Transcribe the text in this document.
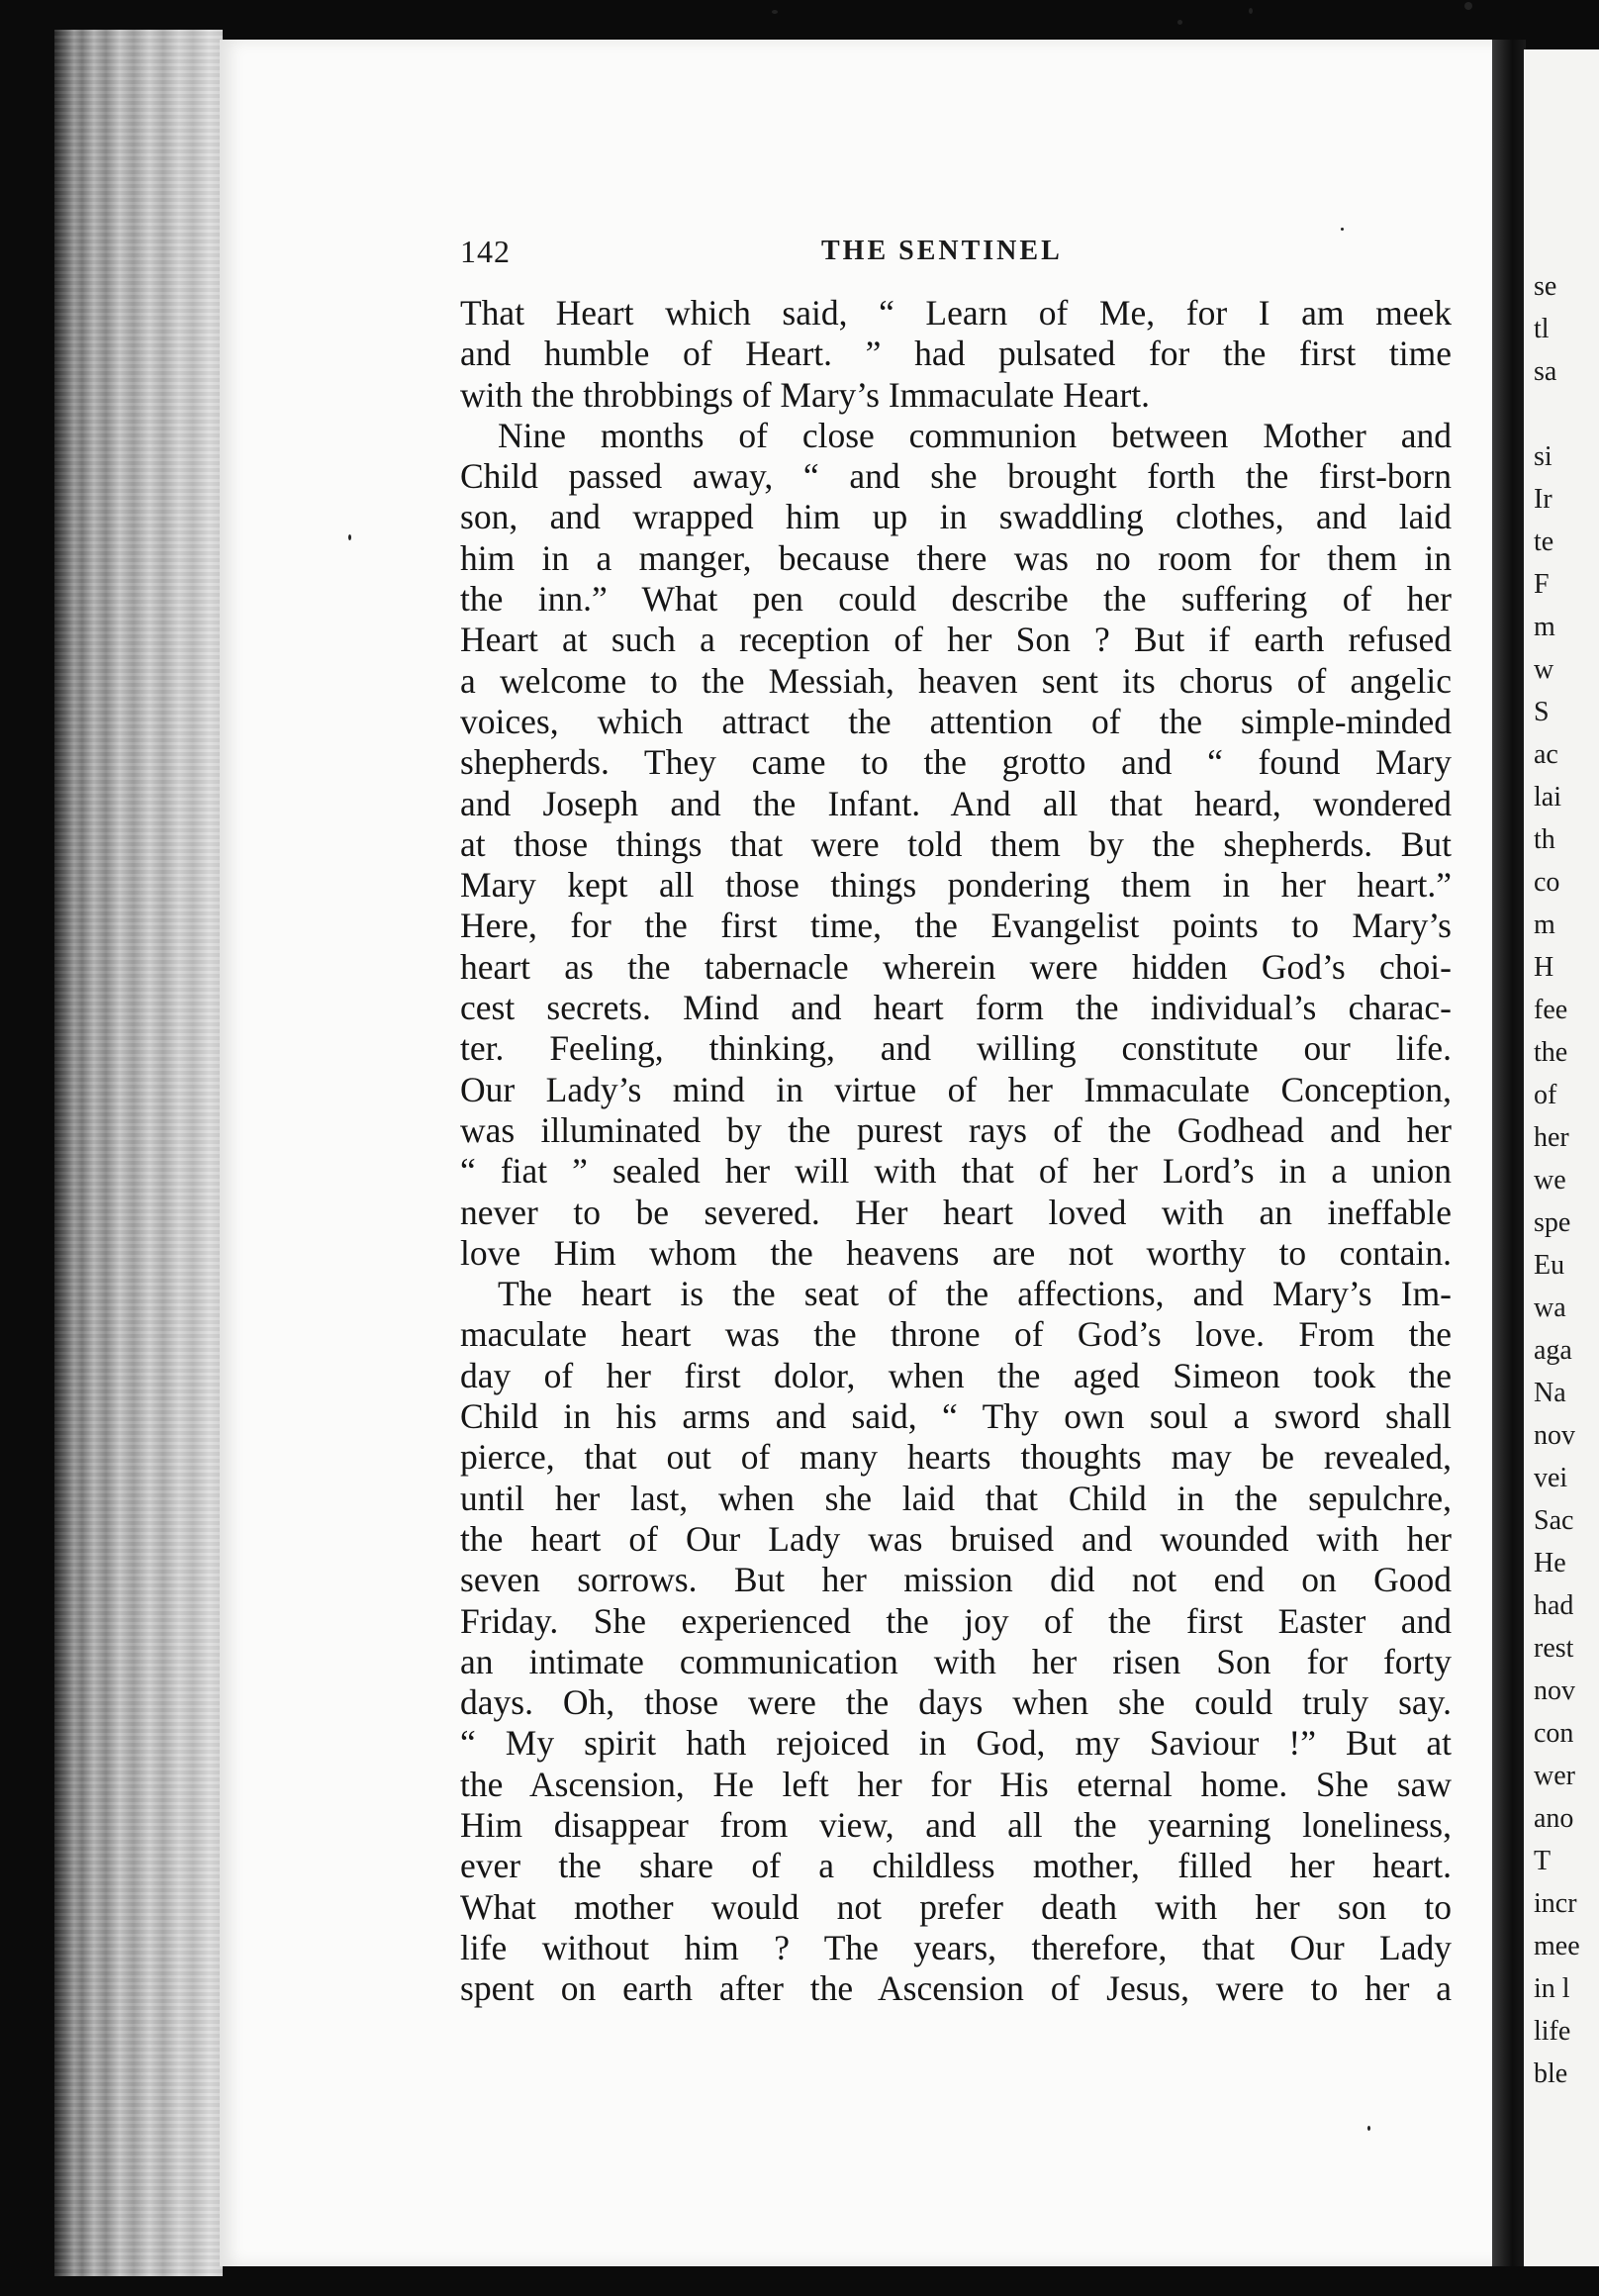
se
tl
sa
si
Ir
te
F
m
w
S
ac
lai
th
co
m
H
fee
the
of
her
we
spe
Eu
wa
aga
Na
nov
vei
Sac
He
had
rest
nov
con
wer
ano
T
incr
mee
in l
life
ble
142	THE SENTINEL
That Heart which said, “ Learn of Me, for I am meek
and humble of Heart. ” had pulsated for the first time
with the throbbings of Mary’s Immaculate Heart.
Nine months of close communion between Mother and
Child passed away, “ and she brought forth the first-born
son, and wrapped him up in swaddling clothes, and laid
him in a manger, because there was no room for them in
the inn.” What pen could describe the suffering of her
Heart at such a reception of her Son ? But if earth refused
a welcome to the Messiah, heaven sent its chorus of angelic
voices, which attract the attention of the simple-minded
shepherds. They came to the grotto and “ found Mary
and Joseph and the Infant. And all that heard, wondered
at those things that were told them by the shepherds. But
Mary kept all those things pondering them in her heart.”
Here, for the first time, the Evangelist points to Mary’s
heart as the tabernacle wherein were hidden God’s choi-
cest secrets. Mind and heart form the individual’s charac-
ter. Feeling, thinking, and willing constitute our life.
Our Lady’s mind in virtue of her Immaculate Conception,
was illuminated by the purest rays of the Godhead and her
“ fiat ” sealed her will with that of her Lord’s in a union
never to be severed. Her heart loved with an ineffable
love Him whom the heavens are not worthy to contain.
The heart is the seat of the affections, and Mary’s Im-
maculate heart was the throne of God’s love. From the
day of her first dolor, when the aged Simeon took the
Child in his arms and said, “ Thy own soul a sword shall
pierce, that out of many hearts thoughts may be revealed,
until her last, when she laid that Child in the sepulchre,
the heart of Our Lady was bruised and wounded with her
seven sorrows. But her mission did not end on Good
Friday. She experienced the joy of the first Easter and
an intimate communication with her risen Son for forty
days. Oh, those were the days when she could truly say.
“ My spirit hath rejoiced in God, my Saviour !” But at
the Ascension, He left her for His eternal home. She saw
Him disappear from view, and all the yearning loneliness,
ever the share of a childless mother, filled her heart.
What mother would not prefer death with her son to
life without him ? The years, therefore, that Our Lady
spent on earth after the Ascension of Jesus, were to her a
